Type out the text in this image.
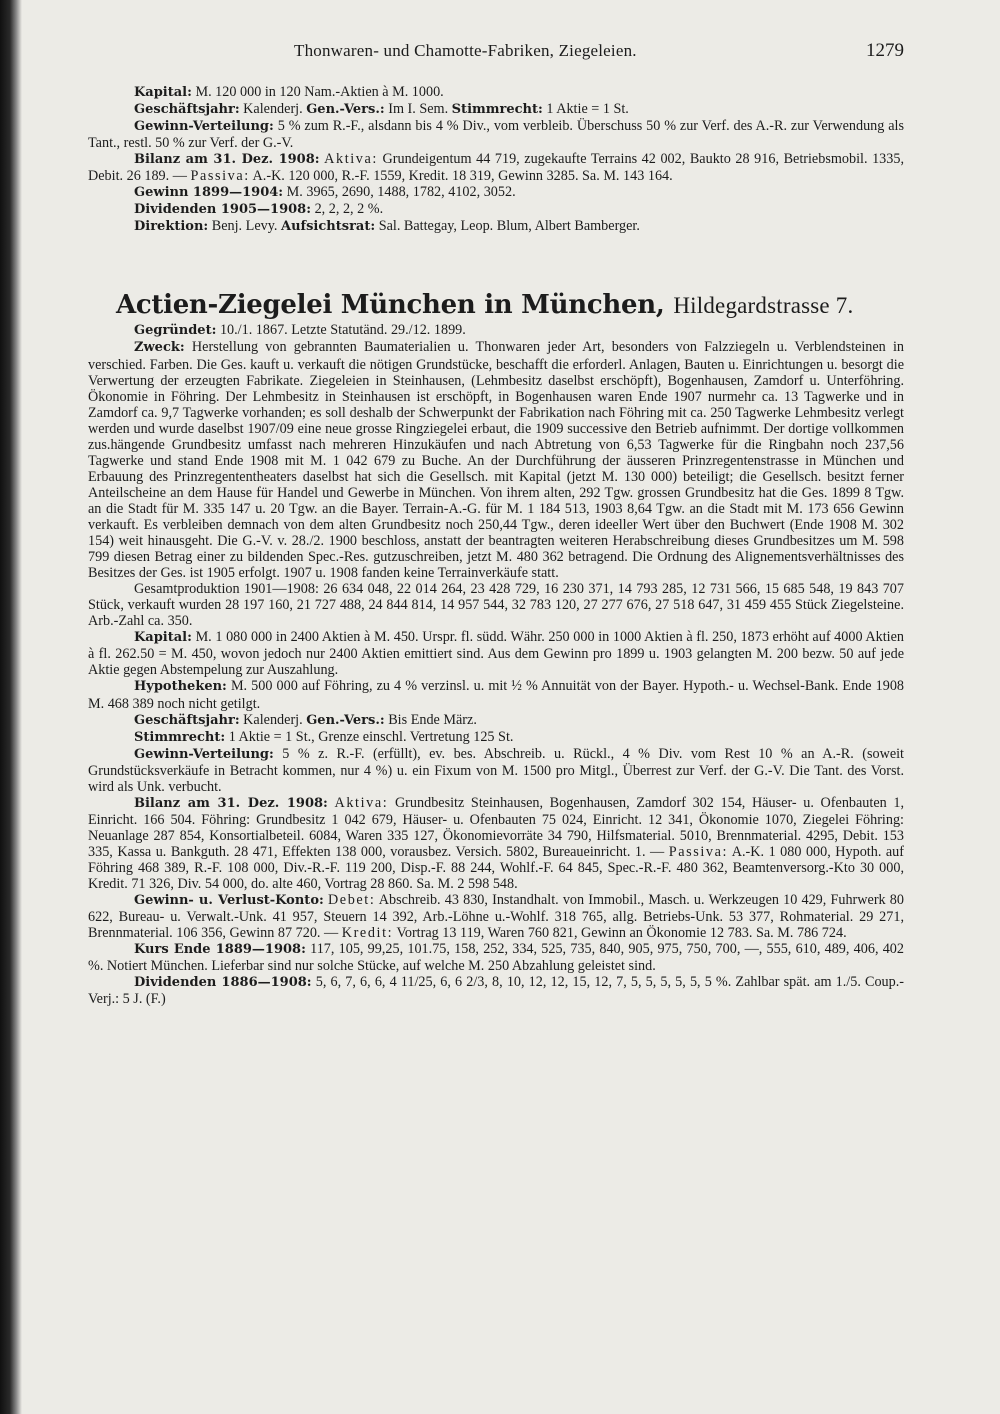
Thonwaren- und Chamotte-Fabriken, Ziegeleien.	1279

Kapital: M. 120 000 in 120 Nam.-Aktien à M. 1000.

Geschäftsjahr: Kalenderj. Gen.-Vers.: Im I. Sem. Stimmrecht: 1 Aktie = 1 St.

Gewinn-Verteilung: 5 % zum R.-F., alsdann bis 4 % Div., vom verbleib. Überschuss 50 % zur Verf. des A.-R. zur Verwendung als Tant., restl. 50 % zur Verf. der G.-V.

Bilanz am 31. Dez. 1908: Aktiva: Grundeigentum 44 719, zugekaufte Terrains 42 002, Baukto 28 916, Betriebsmobil. 1335, Debit. 26 189. — Passiva: A.-K. 120 000, R.-F. 1559, Kredit. 18 319, Gewinn 3285. Sa. M. 143 164.

Gewinn 1899—1904: M. 3965, 2690, 1488, 1782, 4102, 3052.

Dividenden 1905—1908: 2, 2, 2, 2 %.

Direktion: Benj. Levy. Aufsichtsrat: Sal. Battegay, Leop. Blum, Albert Bamberger.

Actien-Ziegelei München in München, Hildegardstrasse 7.

Gegründet: 10./1. 1867. Letzte Statutänd. 29./12. 1899.

Zweck: Herstellung von gebrannten Baumaterialien u. Thonwaren jeder Art, besonders von Falzziegeln u. Verblendsteinen in verschied. Farben. Die Ges. kauft u. verkauft die nötigen Grundstücke, beschafft die erforderl. Anlagen, Bauten u. Einrichtungen u. besorgt die Verwertung der erzeugten Fabrikate. Ziegeleien in Steinhausen, (Lehmbesitz daselbst erschöpft), Bogenhausen, Zamdorf u. Unterföhring. Ökonomie in Föhring. Der Lehmbesitz in Steinhausen ist erschöpft, in Bogenhausen waren Ende 1907 nurmehr ca. 13 Tagwerke und in Zamdorf ca. 9,7 Tagwerke vorhanden; es soll deshalb der Schwerpunkt der Fabrikation nach Föhring mit ca. 250 Tagwerke Lehmbesitz verlegt werden und wurde daselbst 1907/09 eine neue grosse Ringziegelei erbaut, die 1909 successive den Betrieb aufnimmt. Der dortige vollkommen zus.hängende Grundbesitz umfasst nach mehreren Hinzukäufen und nach Abtretung von 6,53 Tagwerke für die Ringbahn noch 237,56 Tagwerke und stand Ende 1908 mit M. 1 042 679 zu Buche. An der Durchführung der äusseren Prinzregentenstrasse in München und Erbauung des Prinzregententheaters daselbst hat sich die Gesellsch. mit Kapital (jetzt M. 130 000) beteiligt; die Gesellsch. besitzt ferner Anteilscheine an dem Hause für Handel und Gewerbe in München. Von ihrem alten, 292 Tgw. grossen Grundbesitz hat die Ges. 1899 8 Tgw. an die Stadt für M. 335 147 u. 20 Tgw. an die Bayer. Terrain-A.-G. für M. 1 184 513, 1903 8,64 Tgw. an die Stadt mit M. 173 656 Gewinn verkauft. Es verbleiben demnach von dem alten Grundbesitz noch 250,44 Tgw., deren ideeller Wert über den Buchwert (Ende 1908 M. 302 154) weit hinausgeht. Die G.-V. v. 28./2. 1900 beschloss, anstatt der beantragten weiteren Herabschreibung dieses Grundbesitzes um M. 598 799 diesen Betrag einer zu bildenden Spec.-Res. gutzuschreiben, jetzt M. 480 362 betragend. Die Ordnung des Alignementsverhältnisses des Besitzes der Ges. ist 1905 erfolgt. 1907 u. 1908 fanden keine Terrainverkäufe statt.

Gesamtproduktion 1901—1908: 26 634 048, 22 014 264, 23 428 729, 16 230 371, 14 793 285, 12 731 566, 15 685 548, 19 843 707 Stück, verkauft wurden 28 197 160, 21 727 488, 24 844 814, 14 957 544, 32 783 120, 27 277 676, 27 518 647, 31 459 455 Stück Ziegelsteine. Arb.-Zahl ca. 350.

Kapital: M. 1 080 000 in 2400 Aktien à M. 450. Urspr. fl. südd. Währ. 250 000 in 1000 Aktien à fl. 250, 1873 erhöht auf 4000 Aktien à fl. 262.50 = M. 450, wovon jedoch nur 2400 Aktien emittiert sind. Aus dem Gewinn pro 1899 u. 1903 gelangten M. 200 bezw. 50 auf jede Aktie gegen Abstempelung zur Auszahlung.

Hypotheken: M. 500 000 auf Föhring, zu 4 % verzinsl. u. mit ½ % Annuität von der Bayer. Hypoth.- u. Wechsel-Bank. Ende 1908 M. 468 389 noch nicht getilgt.

Geschäftsjahr: Kalenderj. Gen.-Vers.: Bis Ende März.

Stimmrecht: 1 Aktie = 1 St., Grenze einschl. Vertretung 125 St.

Gewinn-Verteilung: 5 % z. R.-F. (erfüllt), ev. bes. Abschreib. u. Rückl., 4 % Div. vom Rest 10 % an A.-R. (soweit Grundstücksverkäufe in Betracht kommen, nur 4 %) u. ein Fixum von M. 1500 pro Mitgl., Überrest zur Verf. der G.-V. Die Tant. des Vorst. wird als Unk. verbucht.

Bilanz am 31. Dez. 1908: Aktiva: Grundbesitz Steinhausen, Bogenhausen, Zamdorf 302 154, Häuser- u. Ofenbauten 1, Einricht. 166 504. Föhring: Grundbesitz 1 042 679, Häuser- u. Ofenbauten 75 024, Einricht. 12 341, Ökonomie 1070, Ziegelei Föhring: Neuanlage 287 854, Konsortialbeteil. 6084, Waren 335 127, Ökonomievorräte 34 790, Hilfsmaterial. 5010, Brennmaterial. 4295, Debit. 153 335, Kassa u. Bankguth. 28 471, Effekten 138 000, vorausbez. Versich. 5802, Bureaueinricht. 1. — Passiva: A.-K. 1 080 000, Hypoth. auf Föhring 468 389, R.-F. 108 000, Div.-R.-F. 119 200, Disp.-F. 88 244, Wohlf.-F. 64 845, Spec.-R.-F. 480 362, Beamtenversorg.-Kto 30 000, Kredit. 71 326, Div. 54 000, do. alte 460, Vortrag 28 860. Sa. M. 2 598 548.

Gewinn- u. Verlust-Konto: Debet: Abschreib. 43 830, Instandhalt. von Immobil., Masch. u. Werkzeugen 10 429, Fuhrwerk 80 622, Bureau- u. Verwalt.-Unk. 41 957, Steuern 14 392, Arb.-Löhne u.-Wohlf. 318 765, allg. Betriebs-Unk. 53 377, Rohmaterial. 29 271, Brennmaterial. 106 356, Gewinn 87 720. — Kredit: Vortrag 13 119, Waren 760 821, Gewinn an Ökonomie 12 783. Sa. M. 786 724.

Kurs Ende 1889—1908: 117, 105, 99,25, 101.75, 158, 252, 334, 525, 735, 840, 905, 975, 750, 700, —, 555, 610, 489, 406, 402 %. Notiert München. Lieferbar sind nur solche Stücke, auf welche M. 250 Abzahlung geleistet sind.

Dividenden 1886—1908: 5, 6, 7, 6, 6, 4 11/25, 6, 6 2/3, 8, 10, 12, 12, 15, 12, 7, 5, 5, 5, 5, 5, 5 %. Zahlbar spät. am 1./5. Coup.-Verj.: 5 J. (F.)
